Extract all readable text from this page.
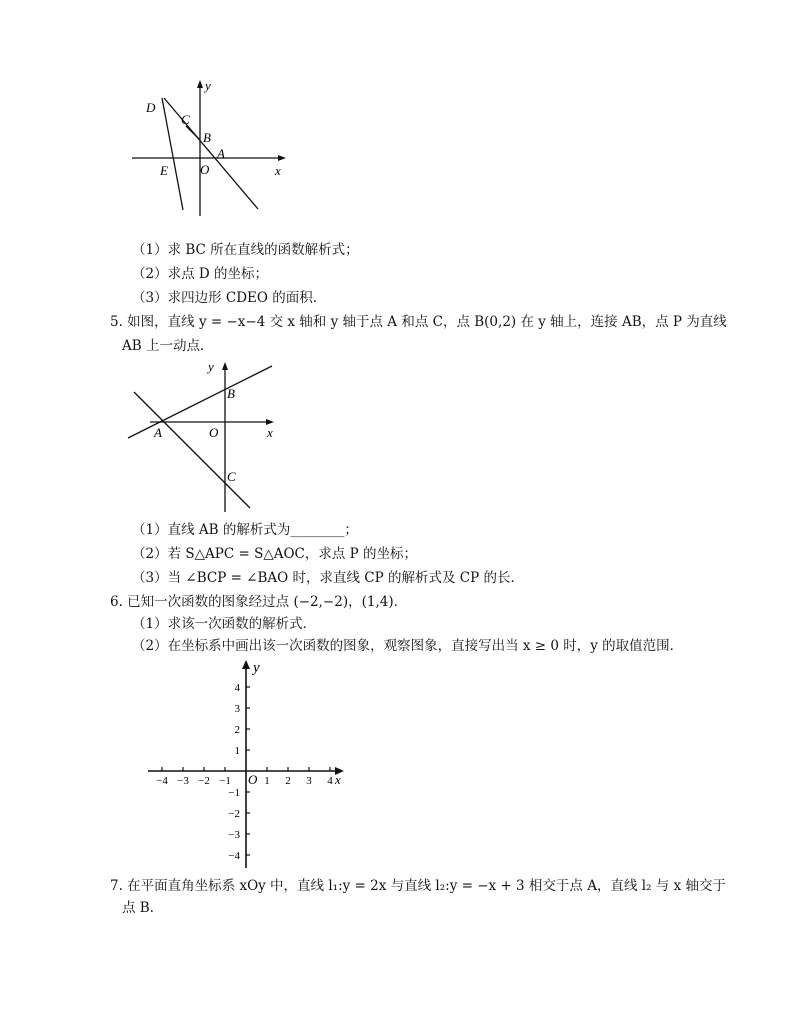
y
x
D
C
B
A
E O
（1）求 BC 所在直线的函数解析式；
（2）求点 D 的坐标；
（3）求四边形 CDEO 的面积．
5. 如图，直线 y = −x−4 交 x 轴和 y 轴于点 A 和点 C，点 B(0,2) 在 y 轴上，连接 AB，点 P 为直线
AB 上一动点．
y
x
B
A	O
C
（1）直线 AB 的解析式为________；
（2）若 S△APC = S△AOC，求点 P 的坐标；
（3）当 ∠BCP = ∠BAO 时，求直线 CP 的解析式及 CP 的长．
6. 已知一次函数的图象经过点 (−2,−2)，(1,4)．
（1）求该一次函数的解析式．
（2）在坐标系中画出该一次函数的图象，观察图象，直接写出当 x ≥ 0 时，y 的取值范围．
y
x
O
−4 −3 −2 −1	1 2 3 4
4
3
2
1
−1
−2
−3
−4
7. 在平面直角坐标系 xOy 中，直线 l₁:y = 2x 与直线 l₂:y = −x + 3 相交于点 A，直线 l₂ 与 x 轴交于
点 B．
